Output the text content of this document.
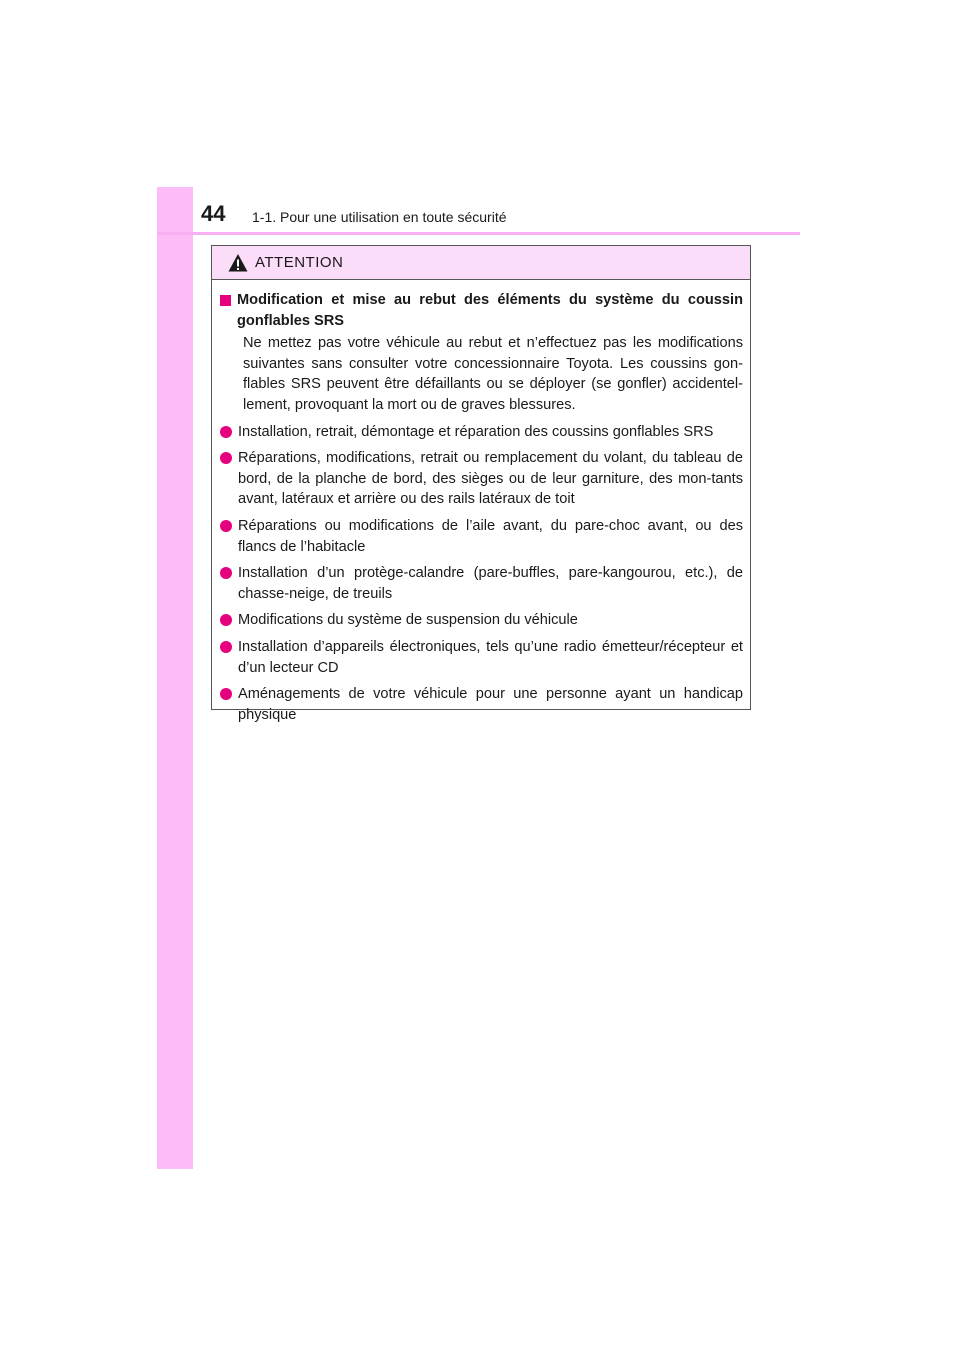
44 1-1. Pour une utilisation en toute sécurité
ATTENTION
Modification et mise au rebut des éléments du système du coussin gonflables SRS
Ne mettez pas votre véhicule au rebut et n’effectuez pas les modifications suivantes sans consulter votre concessionnaire Toyota. Les coussins gon-flables SRS peuvent être défaillants ou se déployer (se gonfler) accidentel-lement, provoquant la mort ou de graves blessures.
Installation, retrait, démontage et réparation des coussins gonflables SRS
Réparations, modifications, retrait ou remplacement du volant, du tableau de bord, de la planche de bord, des sièges ou de leur garniture, des mon-tants avant, latéraux et arrière ou des rails latéraux de toit
Réparations ou modifications de l’aile avant, du pare-choc avant, ou des flancs de l’habitacle
Installation d’un protège-calandre (pare-buffles, pare-kangourou, etc.), de chasse-neige, de treuils
Modifications du système de suspension du véhicule
Installation d’appareils électroniques, tels qu’une radio émetteur/récepteur et d’un lecteur CD
Aménagements de votre véhicule pour une personne ayant un handicap physique
